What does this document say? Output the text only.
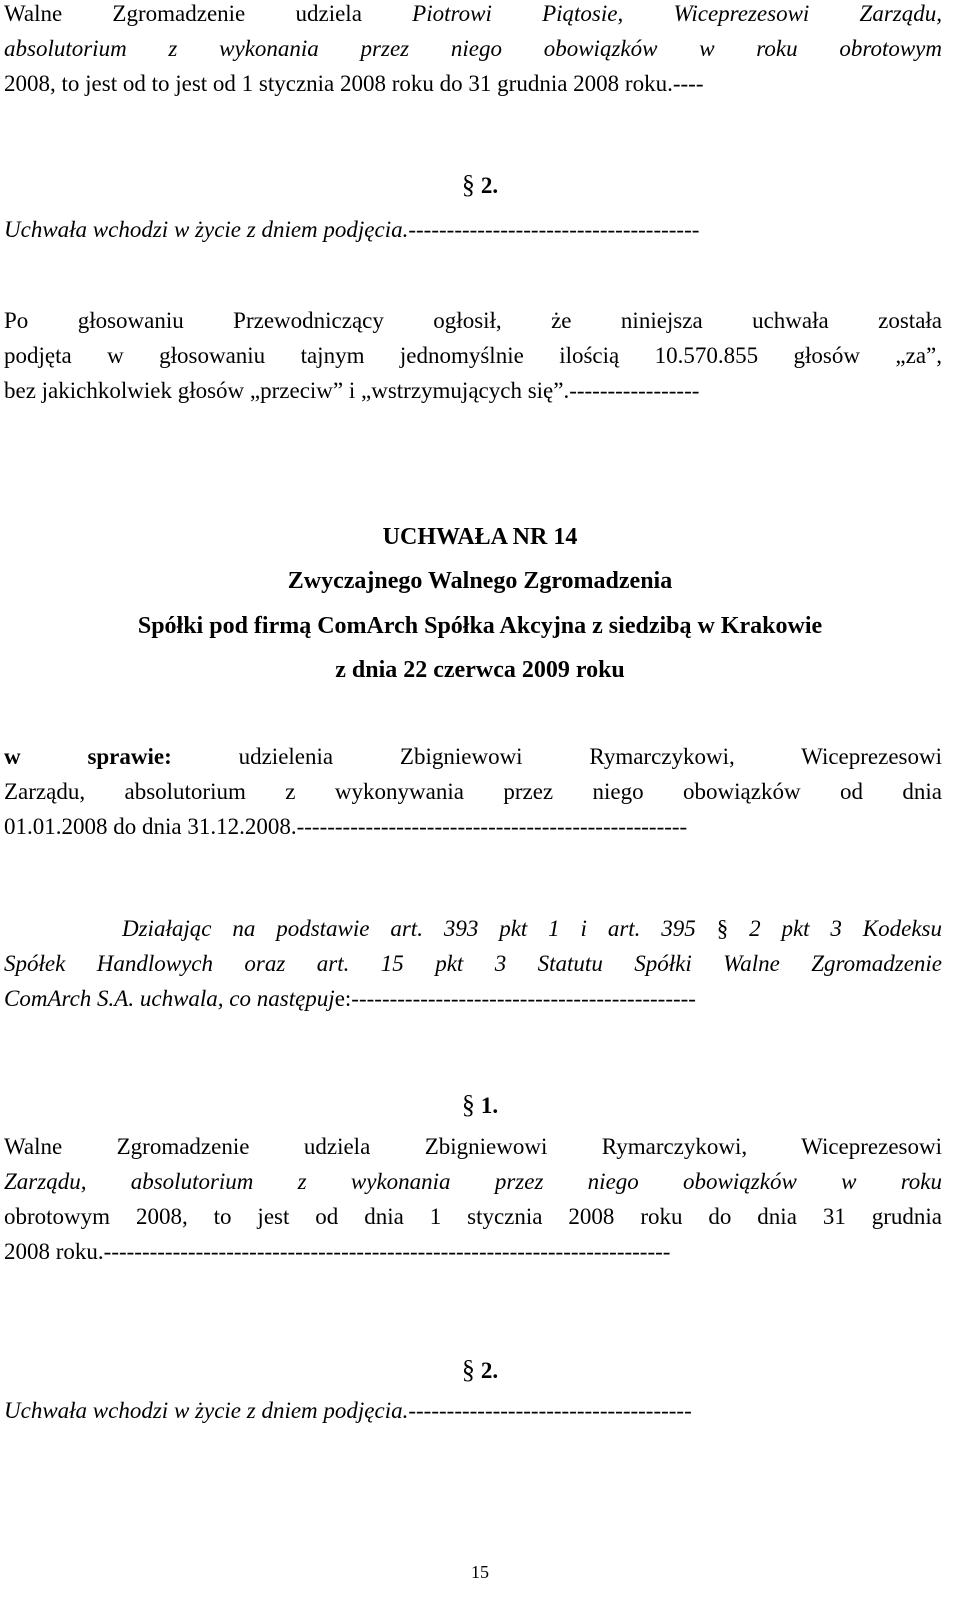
Walne Zgromadzenie udziela Piotrowi Piątosie, Wiceprezesowi Zarządu,
absolutorium z wykonania przez niego obowiązków w roku obrotowym
2008, to jest od to jest od 1 stycznia 2008 roku do 31 grudnia 2008 roku.----
§ 2.
Uchwała wchodzi w życie z dniem podjęcia.--------------------------------------
Po głosowaniu Przewodniczący ogłosił, że niniejsza uchwała została
podjęta w głosowaniu tajnym jednomyślnie ilością 10.570.855 głosów „za”,
bez jakichkolwiek głosów „przeciw” i „wstrzymujących się”.-----------------
UCHWAŁA NR 14
Zwyczajnego Walnego Zgromadzenia
Spółki pod firmą ComArch Spółka Akcyjna z siedzibą w Krakowie
z dnia 22 czerwca 2009 roku
w sprawie: udzielenia Zbigniewowi Rymarczykowi, Wiceprezesowi
Zarządu, absolutorium z wykonywania przez niego obowiązków od dnia
01.01.2008 do dnia 31.12.2008.---------------------------------------------------
Działając na podstawie art. 393 pkt 1 i art. 395 § 2 pkt 3 Kodeksu
Spółek Handlowych oraz art. 15 pkt 3 Statutu Spółki Walne Zgromadzenie
ComArch S.A. uchwala, co następuje:---------------------------------------------
§ 1.
Walne Zgromadzenie udziela Zbigniewowi Rymarczykowi, Wiceprezesowi
Zarządu, absolutorium z wykonania przez niego obowiązków w roku
obrotowym 2008, to jest od dnia 1 stycznia 2008 roku do dnia 31 grudnia
2008 roku.--------------------------------------------------------------------------
§ 2.
Uchwała wchodzi w życie z dniem podjęcia.-------------------------------------
15
